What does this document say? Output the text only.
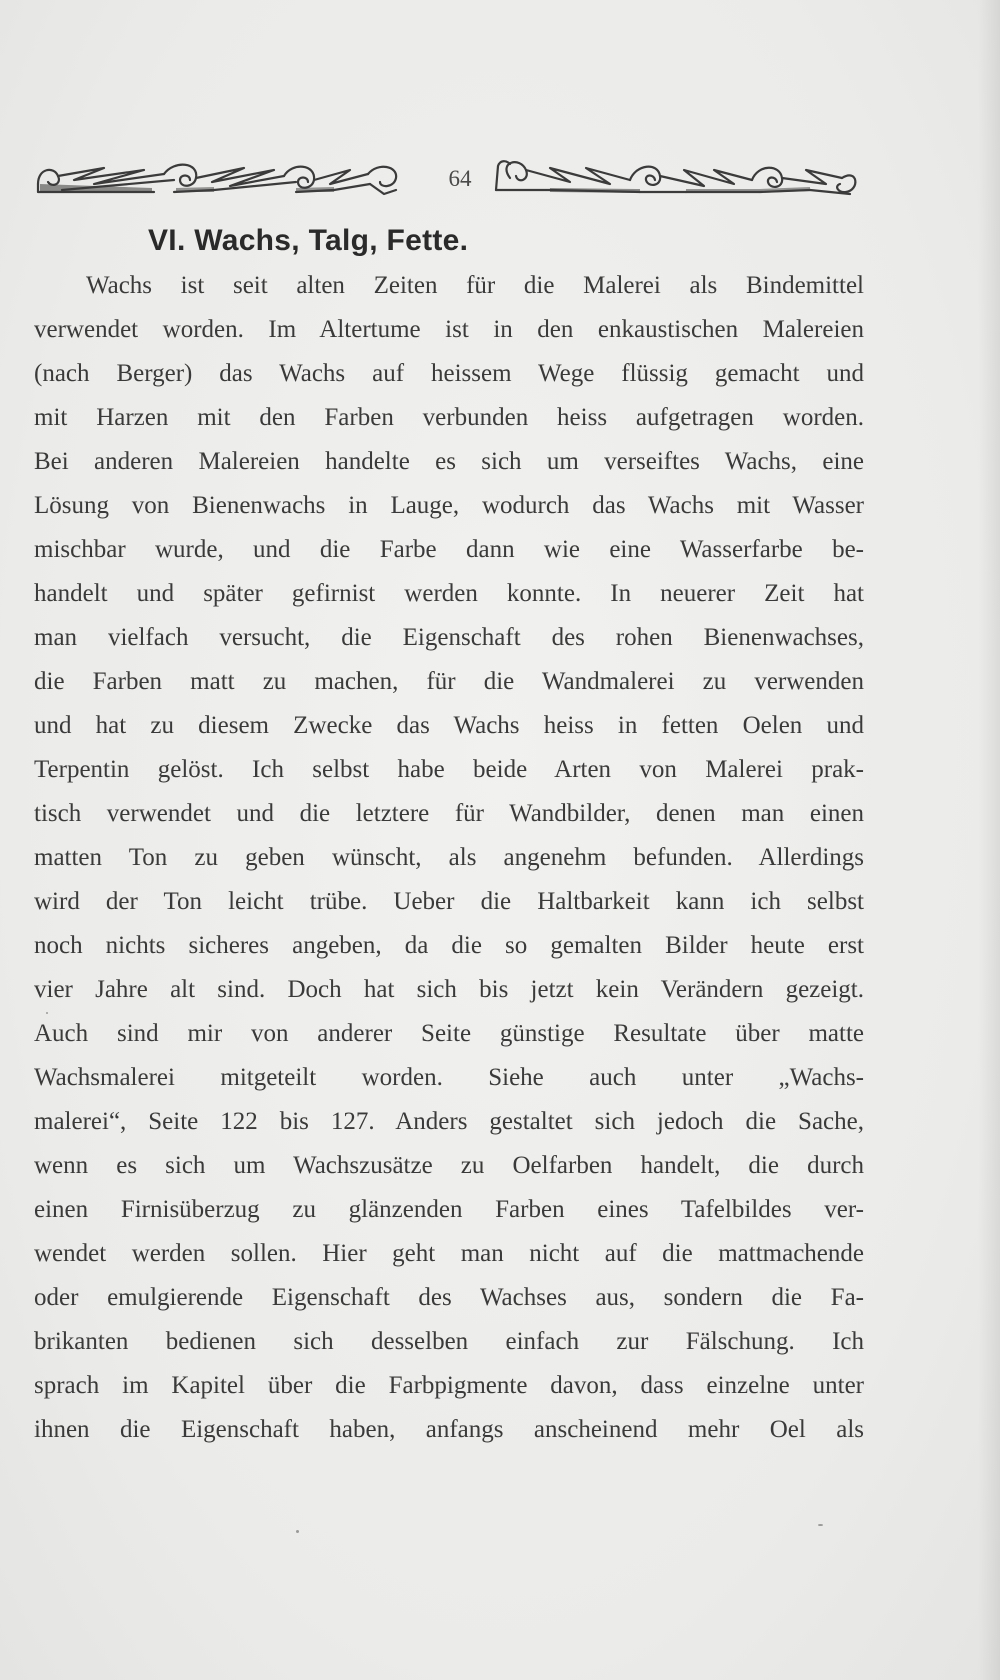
64
VI. Wachs, Talg, Fette.
Wachs ist seit alten Zeiten für die Malerei als Bindemittel
verwendet worden. Im Altertume ist in den enkaustischen Malereien
(nach Berger) das Wachs auf heissem Wege flüssig gemacht und
mit Harzen mit den Farben verbunden heiss aufgetragen worden.
Bei anderen Malereien handelte es sich um verseiftes Wachs, eine
Lösung von Bienenwachs in Lauge, wodurch das Wachs mit Wasser
mischbar wurde, und die Farbe dann wie eine Wasserfarbe be-
handelt und später gefirnist werden konnte. In neuerer Zeit hat
man vielfach versucht, die Eigenschaft des rohen Bienenwachses,
die Farben matt zu machen, für die Wandmalerei zu verwenden
und hat zu diesem Zwecke das Wachs heiss in fetten Oelen und
Terpentin gelöst. Ich selbst habe beide Arten von Malerei prak-
tisch verwendet und die letztere für Wandbilder, denen man einen
matten Ton zu geben wünscht, als angenehm befunden. Allerdings
wird der Ton leicht trübe. Ueber die Haltbarkeit kann ich selbst
noch nichts sicheres angeben, da die so gemalten Bilder heute erst
vier Jahre alt sind. Doch hat sich bis jetzt kein Verändern gezeigt.
Auch sind mir von anderer Seite günstige Resultate über matte
Wachsmalerei mitgeteilt worden. Siehe auch unter „Wachs-
malerei“, Seite 122 bis 127. Anders gestaltet sich jedoch die Sache,
wenn es sich um Wachszusätze zu Oelfarben handelt, die durch
einen Firnisüberzug zu glänzenden Farben eines Tafelbildes ver-
wendet werden sollen. Hier geht man nicht auf die mattmachende
oder emulgierende Eigenschaft des Wachses aus, sondern die Fa-
brikanten bedienen sich desselben einfach zur Fälschung. Ich
sprach im Kapitel über die Farbpigmente davon, dass einzelne unter
ihnen die Eigenschaft haben, anfangs anscheinend mehr Oel als
